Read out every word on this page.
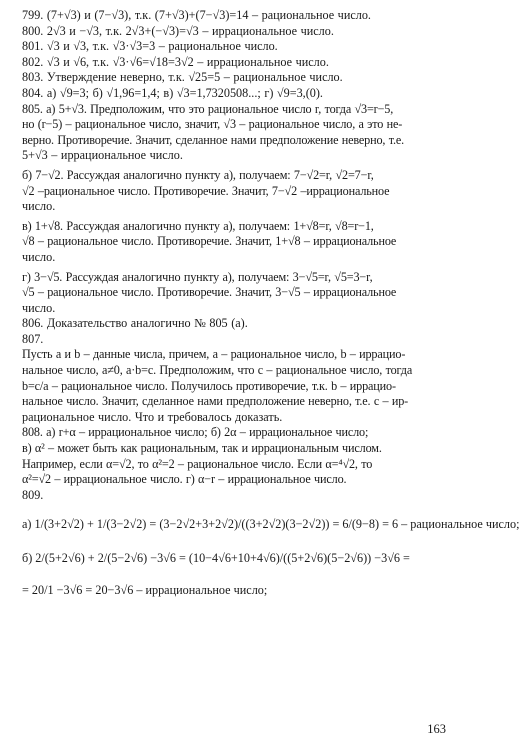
799. (7+√3) и (7−√3), т.к. (7+√3)+(7−√3)=14 – рациональное число.
800. 2√3 и −√3, т.к. 2√3+(−√3)=√3 – иррациональное число.
801. √3 и √3, т.к. √3·√3=3 – рациональное число.
802. √3 и √6, т.к. √3·√6=√18=3√2 – иррациональное число.
803. Утверждение неверно, т.к. √25=5 – рациональное число.
804. а) √9=3; б) √1,96=1,4; в) √3=1,7320508...; г) √9=3,(0).
805. а) 5+√3. Предположим, что это рациональное число r, тогда √3=r−5,
но (r−5) – рациональное число, значит, √3 – рациональное число, а это не-
верно. Противоречие. Значит, сделанное нами предположение неверно, т.е.
5+√3 – иррациональное число.
б) 7−√2. Рассуждая аналогично пункту а), получаем: 7−√2=r, √2=7−r,
√2 –рациональное число. Противоречие. Значит, 7−√2 –иррациональное
число.
в) 1+√8. Рассуждая аналогично пункту а), получаем: 1+√8=r, √8=r−1,
√8 – рациональное число. Противоречие. Значит, 1+√8 – иррациональное
число.
г) 3−√5. Рассуждая аналогично пункту а), получаем: 3−√5=r, √5=3−r,
√5 – рациональное число. Противоречие. Значит, 3−√5 – иррациональное
число.
806. Доказательство аналогично № 805 (а).
807.
Пусть a и b – данные числа, причем, a – рациональное число, b – иррацио-
нальное число, a≠0, a·b=c. Предположим, что c – рациональное число, тогда
b=c/a – рациональное число. Получилось противоречие, т.к. b – иррацио-
нальное число. Значит, сделанное нами предположение неверно, т.е. c – ир-
рациональное число. Что и требовалось доказать.
808. а) r+α – иррациональное число; б) 2α – иррациональное число;
в) α² – может быть как рациональным, так и иррациональным числом.
Например, если α=√2, то α²=2 – рациональное число. Если α=⁴√2, то
α²=√2 – иррациональное число. г) α−r – иррациональное число.
809.
а) 1/(3+2√2) + 1/(3−2√2) = (3−2√2+3+2√2)/((3+2√2)(3−2√2)) = 6/(9−8) = 6 – рациональное число;
б) 2/(5+2√6) + 2/(5−2√6) −3√6 = (10−4√6+10+4√6)/((5+2√6)(5−2√6)) −3√6 =
= 20/1 −3√6 = 20−3√6 – иррациональное число;
163
